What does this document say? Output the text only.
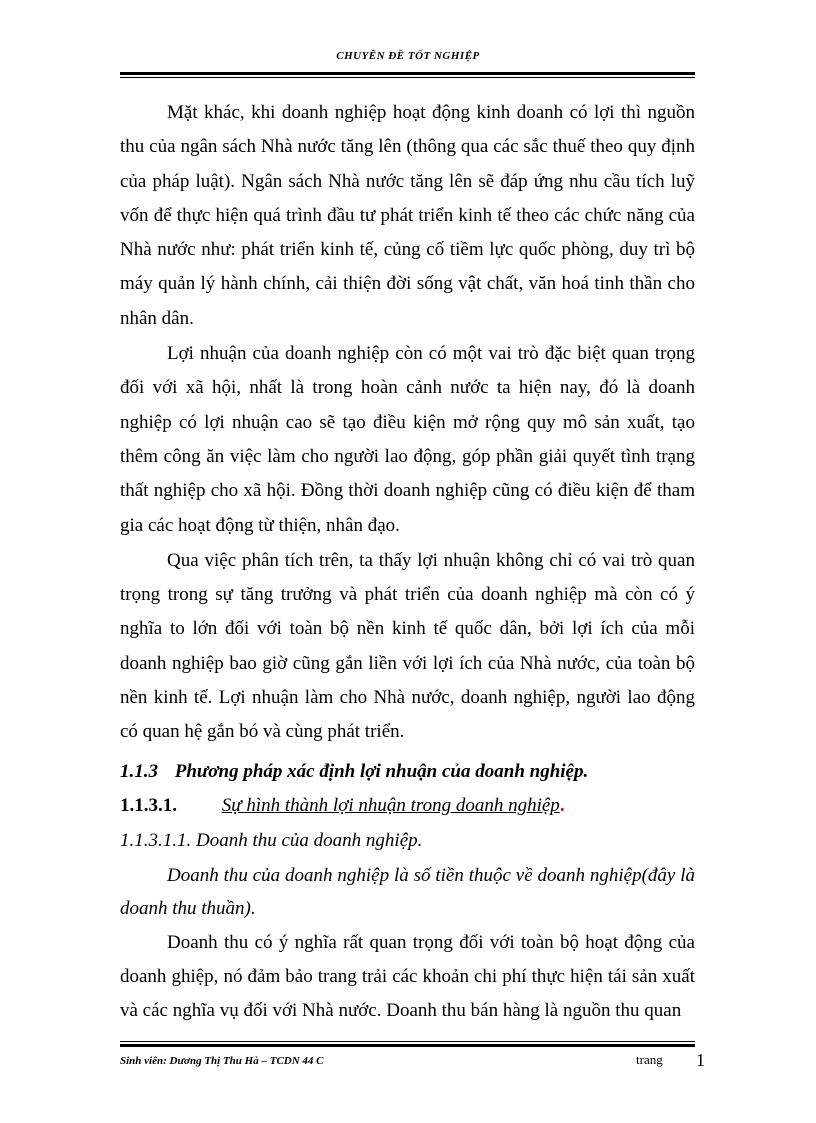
CHUYÊN ĐỀ TỐT NGHIỆP

Mặt khác, khi doanh nghiệp hoạt động kinh doanh có lợi thì nguồn thu của ngân sách Nhà nước tăng lên (thông qua các sắc thuế theo quy định của pháp luật). Ngân sách Nhà nước tăng lên sẽ đáp ứng nhu cầu tích luỹ vốn để thực hiện quá trình đầu tư phát triển kinh tế theo các chức năng của Nhà nước như: phát triển kinh tế, củng cố tiềm lực quốc phòng, duy trì bộ máy quản lý hành chính, cải thiện đời sống vật chất, văn hoá tinh thần cho nhân dân.

Lợi nhuận của doanh nghiệp còn có một vai trò đặc biệt quan trọng đối với xã hội, nhất là trong hoàn cảnh nước ta hiện nay, đó là doanh nghiệp có lợi nhuận cao sẽ tạo điều kiện mở rộng quy mô sản xuất, tạo thêm công ăn việc làm cho người lao động, góp phần giải quyết tình trạng thất nghiệp cho xã hội. Đồng thời doanh nghiệp cũng có điều kiện để tham gia các hoạt động từ thiện, nhân đạo.

Qua việc phân tích trên, ta thấy lợi nhuận không chỉ có vai trò quan trọng trong sự tăng trưởng và phát triển của doanh nghiệp mà còn có ý nghĩa to lớn đối với toàn bộ nền kinh tế quốc dân, bởi lợi ích của mỗi doanh nghiệp bao giờ cũng gắn liền với lợi ích của Nhà nước, của toàn bộ nền kinh tế. Lợi nhuận làm cho Nhà nước, doanh nghiệp, người lao động có quan hệ gắn bó và cùng phát triển.

1.1.3 Phương pháp xác định lợi nhuận của doanh nghiệp.
1.1.3.1. Sự hình thành lợi nhuận trong doanh nghiệp.
1.1.3.1.1. Doanh thu của doanh nghiệp.

Doanh thu của doanh nghiệp là số tiền thuộc về doanh nghiệp(đây là doanh thu thuần).

Doanh thu có ý nghĩa rất quan trọng đối với toàn bộ hoạt động của doanh ghiệp, nó đảm bảo trang trải các khoản chi phí thực hiện tái sản xuất và các nghĩa vụ đối với Nhà nước. Doanh thu bán hàng là nguồn thu quan

Sinh viên: Dương Thị Thu Hà – TCDN 44 C	trang 1
